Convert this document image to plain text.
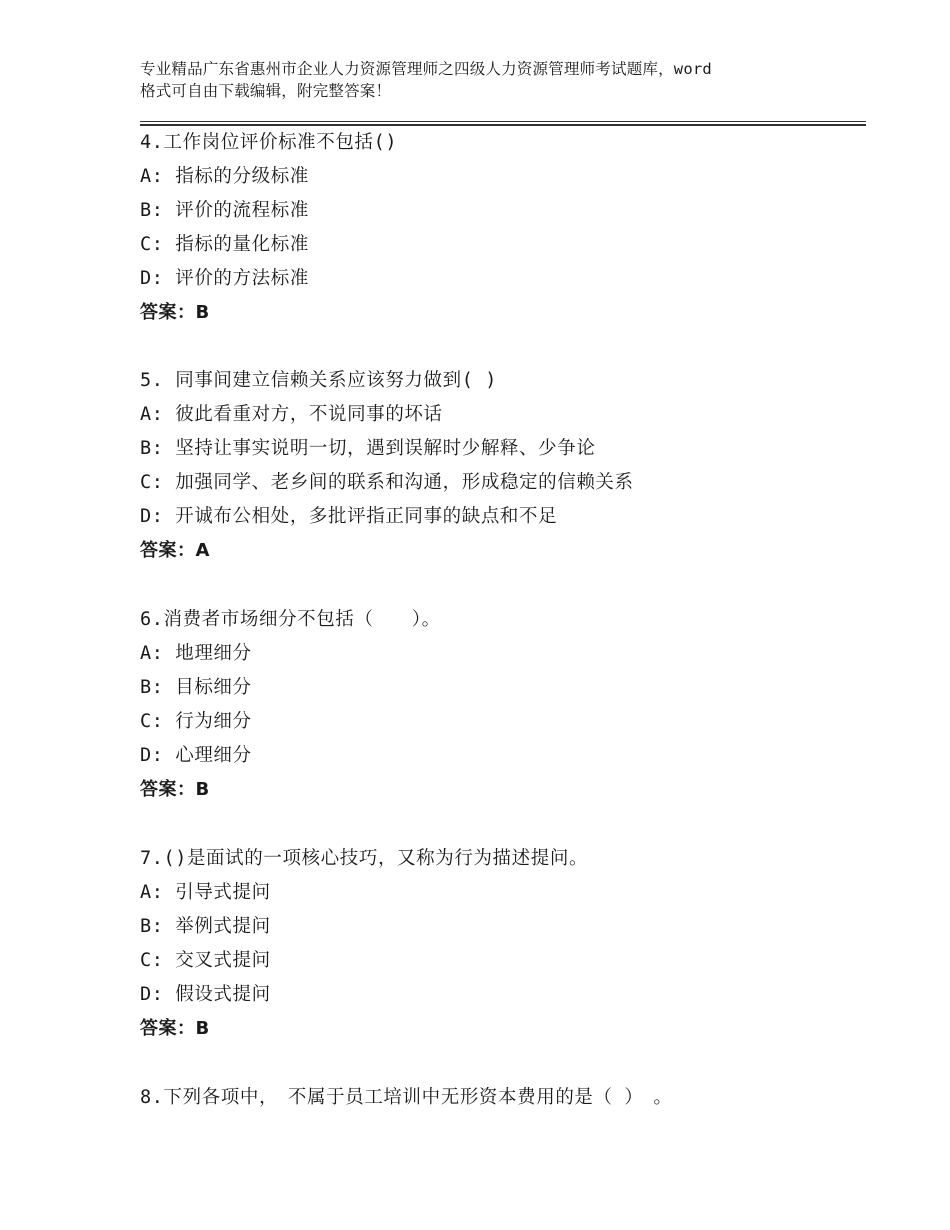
专业精品广东省惠州市企业人力资源管理师之四级人力资源管理师考试题库，word
格式可自由下载编辑，附完整答案！
4.工作岗位评价标准不包括()
A: 指标的分级标准
B: 评价的流程标准
C: 指标的量化标准
D: 评价的方法标准
答案：B
5. 同事间建立信赖关系应该努力做到( )
A: 彼此看重对方，不说同事的坏话
B: 坚持让事实说明一切，遇到误解时少解释、少争论
C: 加强同学、老乡间的联系和沟通，形成稳定的信赖关系
D: 开诚布公相处，多批评指正同事的缺点和不足
答案：A
6.消费者市场细分不包括（　　）。
A: 地理细分
B: 目标细分
C: 行为细分
D: 心理细分
答案：B
7.()是面试的一项核心技巧，又称为行为描述提问。
A: 引导式提问
B: 举例式提问
C: 交叉式提问
D: 假设式提问
答案：B
8.下列各项中，　不属于员工培训中无形资本费用的是（ ）　。
